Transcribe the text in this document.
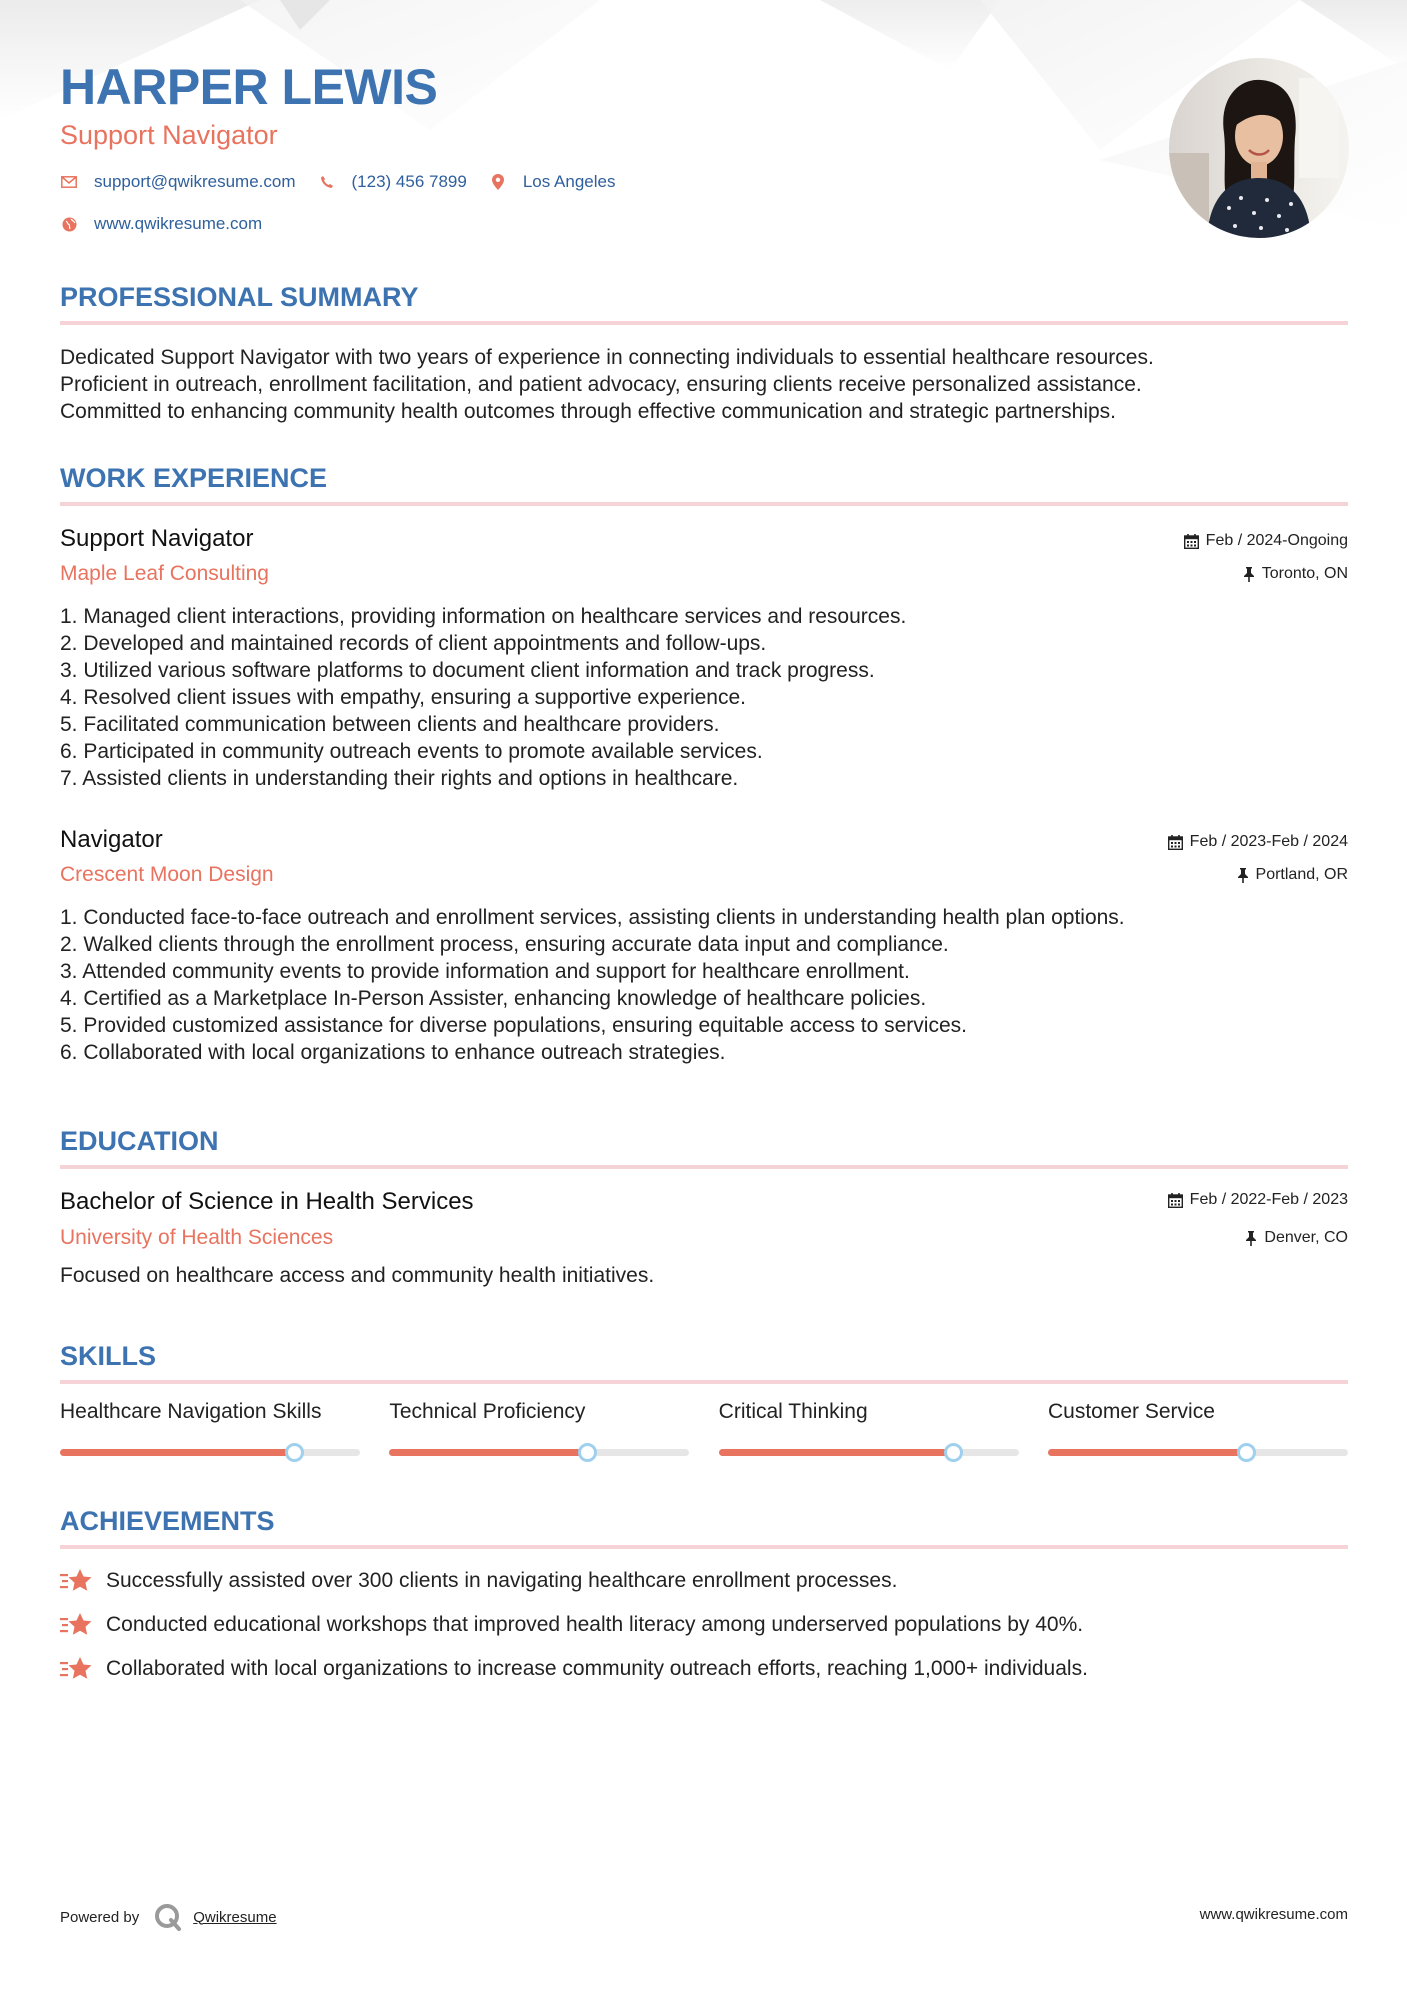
HARPER LEWIS
Support Navigator
support@qwikresume.com	(123) 456 7899	Los Angeles
www.qwikresume.com
PROFESSIONAL SUMMARY
Dedicated Support Navigator with two years of experience in connecting individuals to essential healthcare resources.
Proficient in outreach, enrollment facilitation, and patient advocacy, ensuring clients receive personalized assistance.
Committed to enhancing community health outcomes through effective communication and strategic partnerships.
WORK EXPERIENCE
Support Navigator
Maple Leaf Consulting
Feb / 2024-Ongoing
Toronto, ON
1. Managed client interactions, providing information on healthcare services and resources.
2. Developed and maintained records of client appointments and follow-ups.
3. Utilized various software platforms to document client information and track progress.
4. Resolved client issues with empathy, ensuring a supportive experience.
5. Facilitated communication between clients and healthcare providers.
6. Participated in community outreach events to promote available services.
7. Assisted clients in understanding their rights and options in healthcare.
Navigator
Crescent Moon Design
Feb / 2023-Feb / 2024
Portland, OR
1. Conducted face-to-face outreach and enrollment services, assisting clients in understanding health plan options.
2. Walked clients through the enrollment process, ensuring accurate data input and compliance.
3. Attended community events to provide information and support for healthcare enrollment.
4. Certified as a Marketplace In-Person Assister, enhancing knowledge of healthcare policies.
5. Provided customized assistance for diverse populations, ensuring equitable access to services.
6. Collaborated with local organizations to enhance outreach strategies.
EDUCATION
Bachelor of Science in Health Services
University of Health Sciences
Feb / 2022-Feb / 2023
Denver, CO
Focused on healthcare access and community health initiatives.
SKILLS
Healthcare Navigation Skills	Technical Proficiency	Critical Thinking	Customer Service
ACHIEVEMENTS
Successfully assisted over 300 clients in navigating healthcare enrollment processes.
Conducted educational workshops that improved health literacy among underserved populations by 40%.
Collaborated with local organizations to increase community outreach efforts, reaching 1,000+ individuals.
Powered by	Qwikresume	www.qwikresume.com
